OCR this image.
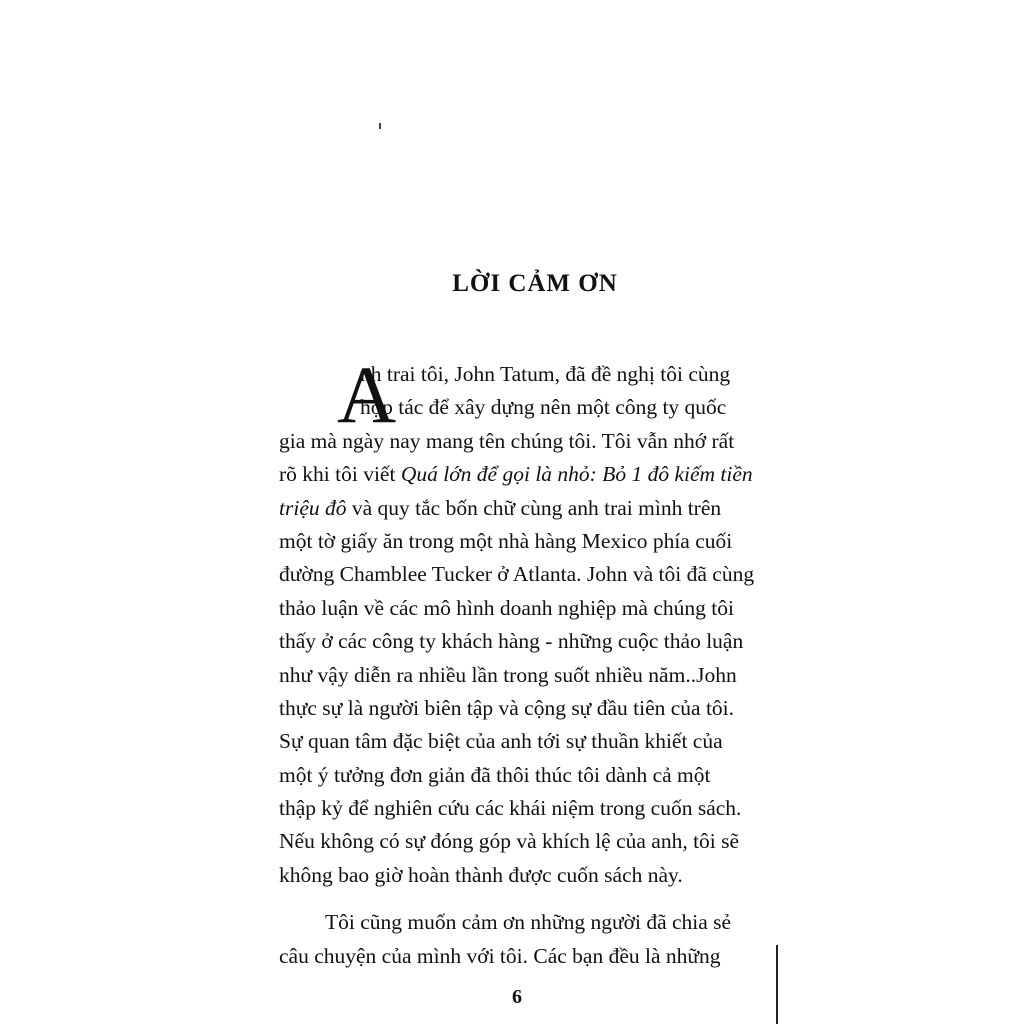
LỜI CẢM ƠN
A
nh trai tôi, John Tatum, đã đề nghị tôi cùng
hợp tác để xây dựng nên một công ty quốc
gia mà ngày nay mang tên chúng tôi. Tôi vẫn nhớ rất
rõ khi tôi viết Quá lớn để gọi là nhỏ: Bỏ 1 đô kiếm tiền
triệu đô và quy tắc bốn chữ cùng anh trai mình trên
một tờ giấy ăn trong một nhà hàng Mexico phía cuối
đường Chamblee Tucker ở Atlanta. John và tôi đã cùng
thảo luận về các mô hình doanh nghiệp mà chúng tôi
thấy ở các công ty khách hàng - những cuộc thảo luận
như vậy diễn ra nhiều lần trong suốt nhiều năm..John
thực sự là người biên tập và cộng sự đầu tiên của tôi.
Sự quan tâm đặc biệt của anh tới sự thuần khiết của
một ý tưởng đơn giản đã thôi thúc tôi dành cả một
thập kỷ để nghiên cứu các khái niệm trong cuốn sách.
Nếu không có sự đóng góp và khích lệ của anh, tôi sẽ
không bao giờ hoàn thành được cuốn sách này.
Tôi cũng muốn cảm ơn những người đã chia sẻ
câu chuyện của mình với tôi. Các bạn đều là những
6
